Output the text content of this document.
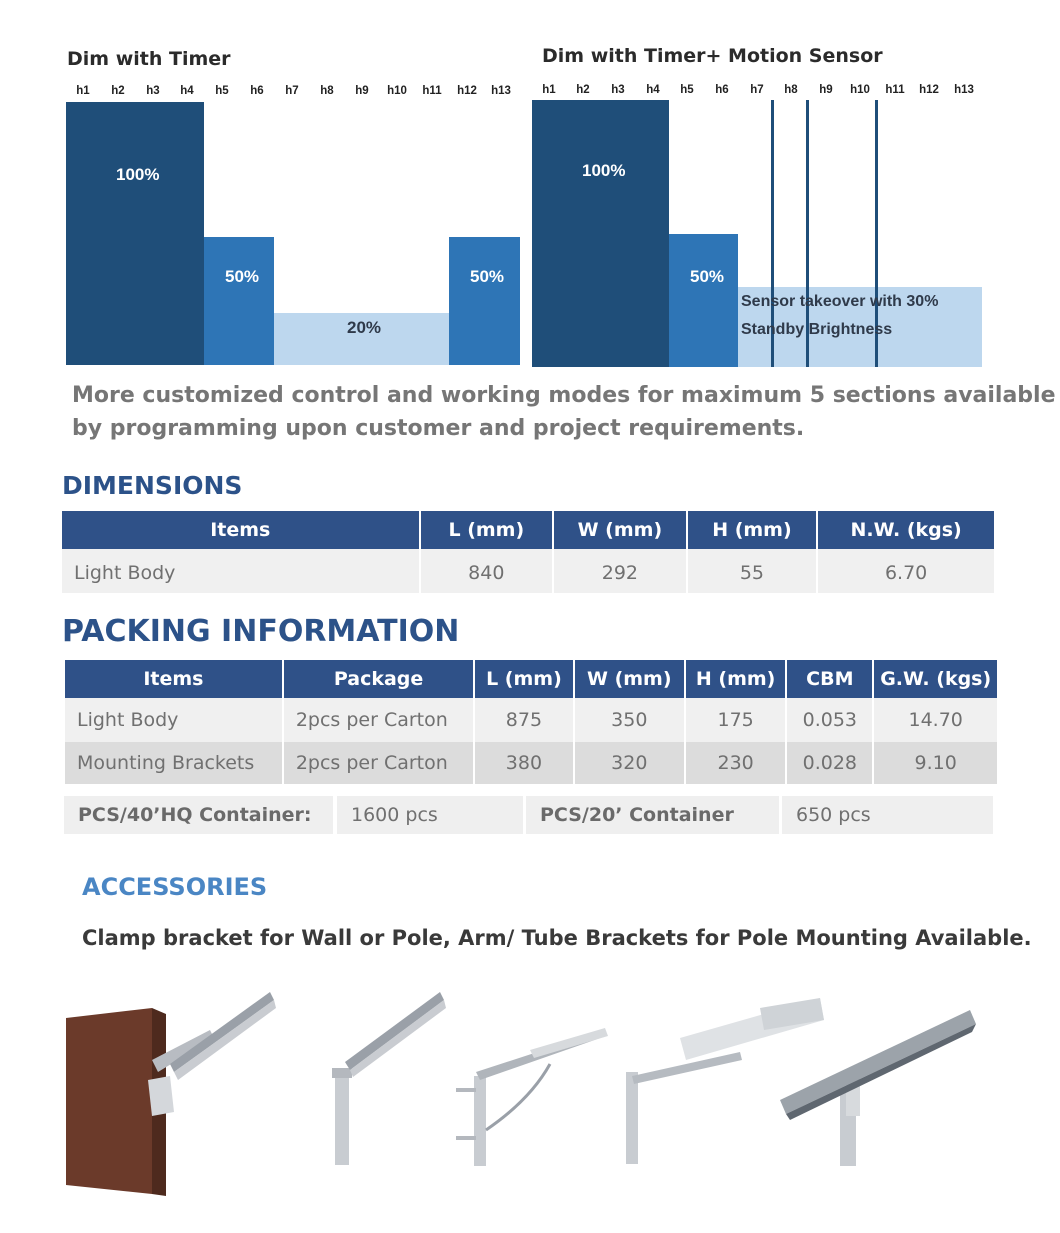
Dim with Timer
h1	h2	h3	h4	h5	h6	h7	h8	h9	h10	h11	h12	h13
100%
50%
20%
50%
Dim with Timer+ Motion Sensor
h1	h2	h3	h4	h5	h6	h7	h8	h9	h10	h11	h12	h13
100%
50%
Sensor takeover with 30%
Standby Brightness
More customized control and working modes for maximum 5 sections available
by programming upon customer and project requirements.
DIMENSIONS
Items	L (mm)	W (mm)	H (mm)	N.W. (kgs)
Light Body	840	292	55	6.70
PACKING INFORMATION
Items	Package	L (mm)	W (mm)	H (mm)	CBM	G.W. (kgs)
Light Body	2pcs per Carton	875	350	175	0.053	14.70
Mounting Brackets	2pcs per Carton	380	320	230	0.028	9.10
PCS/40’HQ Container:	1600 pcs	PCS/20’ Container	650 pcs
ACCESSORIES
Clamp bracket for Wall or Pole, Arm/ Tube Brackets for Pole Mounting Available.
